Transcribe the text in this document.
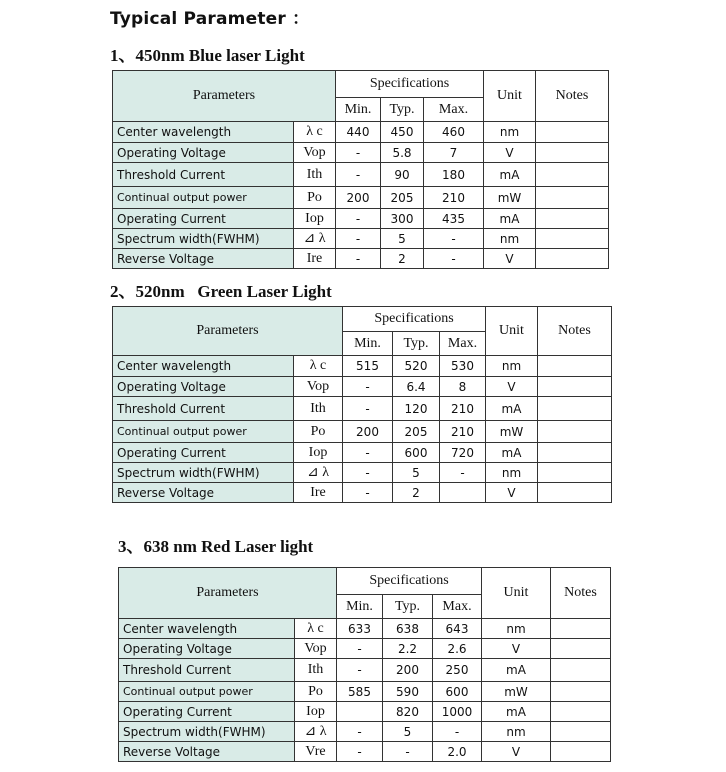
Typical Parameter ：
1、450nm Blue laser Light
Parameters		Specifications			Unit	Notes
		Min.	Typ.	Max.		
Center wavelength	λ c	440	450	460	nm	
Operating Voltage	Vop	-	5.8	7	V	
Threshold Current	Ith	-	90	180	mA	
Continual output power	Po	200	205	210	mW	
Operating Current	Iop	-	300	435	mA	
Spectrum width(FWHM)	⊿ λ	-	5	-	nm	
Reverse Voltage	Ire	-	2	-	V	
2、520nm   Green Laser Light
Parameters		Specifications			Unit	Notes
		Min.	Typ.	Max.		
Center wavelength	λ c	515	520	530	nm	
Operating Voltage	Vop	-	6.4	8	V	
Threshold Current	Ith	-	120	210	mA	
Continual output power	Po	200	205	210	mW	
Operating Current	Iop	-	600	720	mA	
Spectrum width(FWHM)	⊿ λ	-	5	-	nm	
Reverse Voltage	Ire	-	2		V	
3、638 nm Red Laser light
Parameters		Specifications			Unit	Notes
		Min.	Typ.	Max.		
Center wavelength	λ c	633	638	643	nm	
Operating Voltage	Vop	-	2.2	2.6	V	
Threshold Current	Ith	-	200	250	mA	
Continual output power	Po	585	590	600	mW	
Operating Current	Iop		820	1000	mA	
Spectrum width(FWHM)	⊿ λ	-	5	-	nm	
Reverse Voltage	Vre	-	-	2.0	V	
